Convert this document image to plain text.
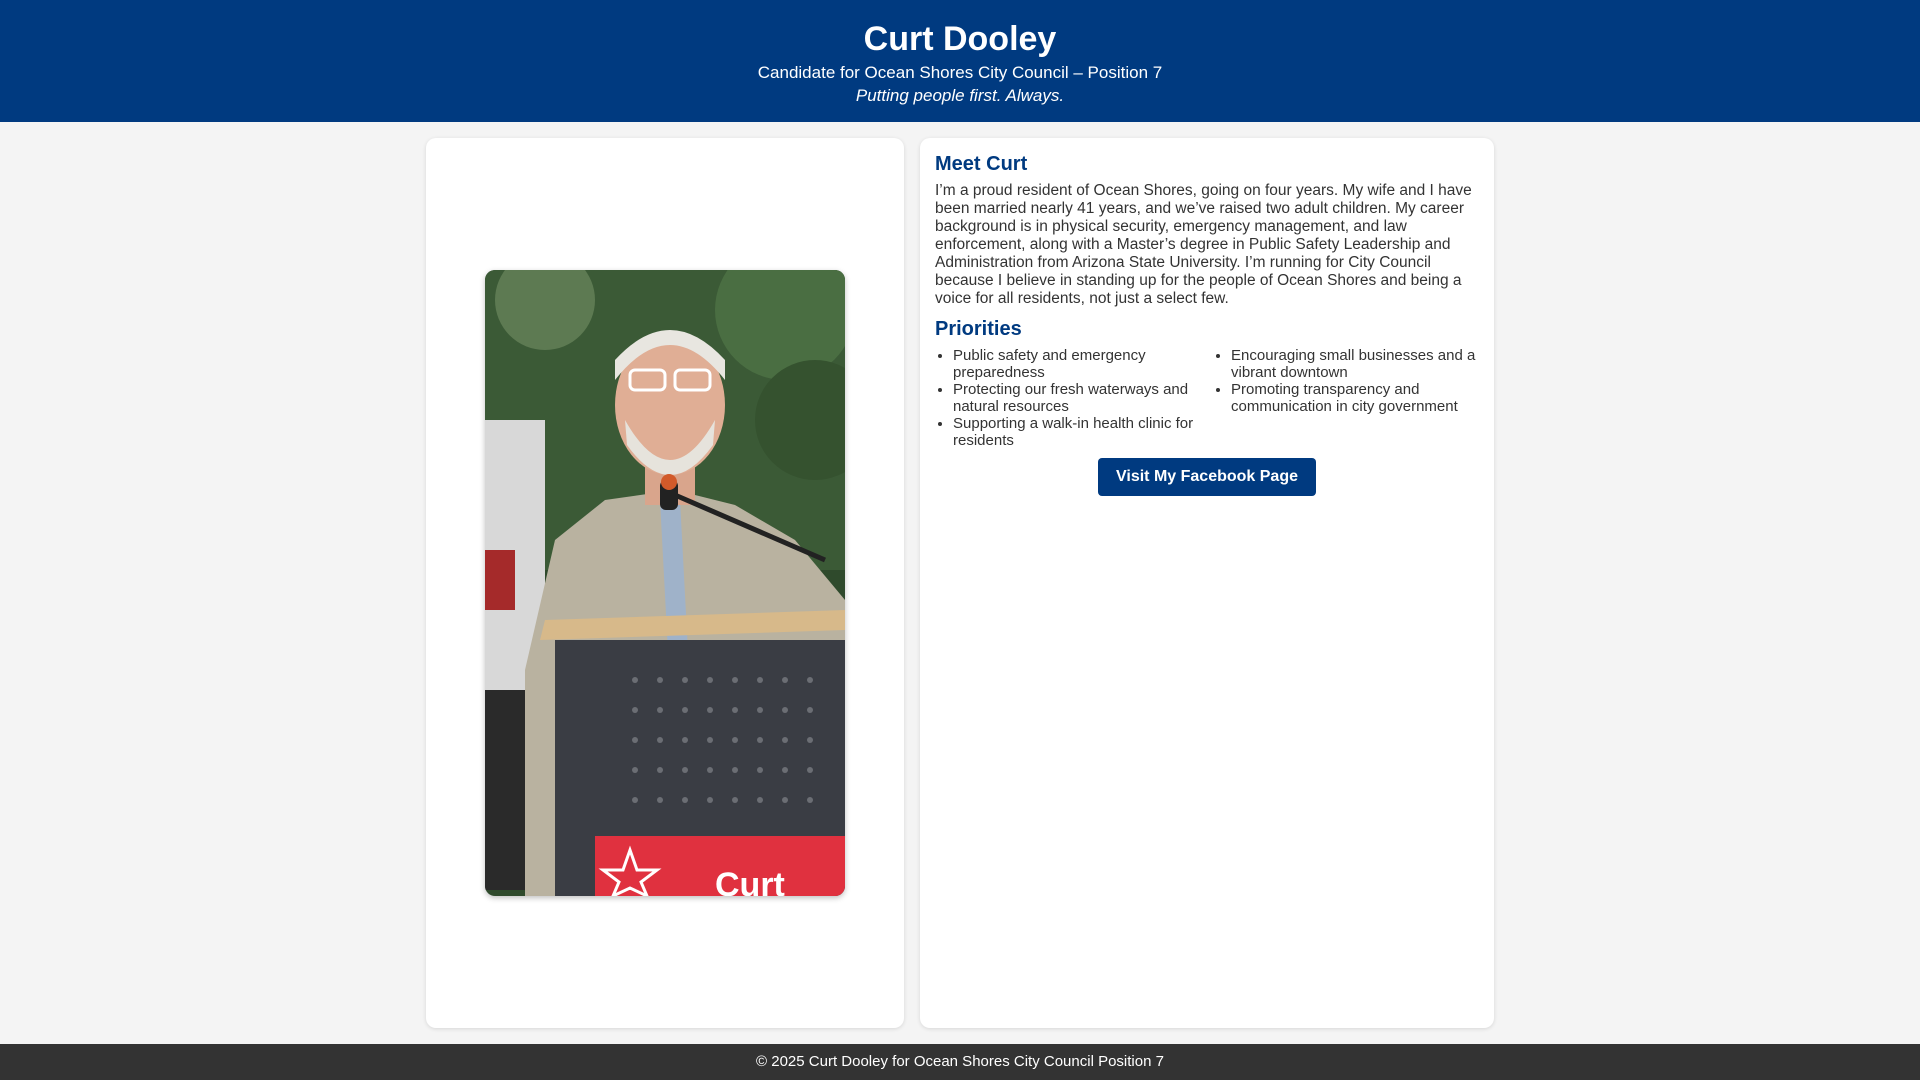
Curt Dooley

Candidate for Ocean Shores City Council – Position 7

Putting people first. Always.

Curt
Meet Curt

I’m a proud resident of Ocean Shores, going on four years. My wife and I have been married nearly 41 years, and we’ve raised two adult children. My career background is in physical security, emergency management, and law enforcement, along with a Master’s degree in Public Safety Leadership and Administration from Arizona State University. I’m running for City Council because I believe in standing up for the people of Ocean Shores and being a voice for all residents, not just a select few.

Priorities
• Public safety and emergency preparedness
• Protecting our fresh waterways and natural resources
• Supporting a walk-in health clinic for residents
• Encouraging small businesses and a vibrant downtown
• Promoting transparency and communication in city government
Visit My Facebook Page
© 2025 Curt Dooley for Ocean Shores City Council Position 7
